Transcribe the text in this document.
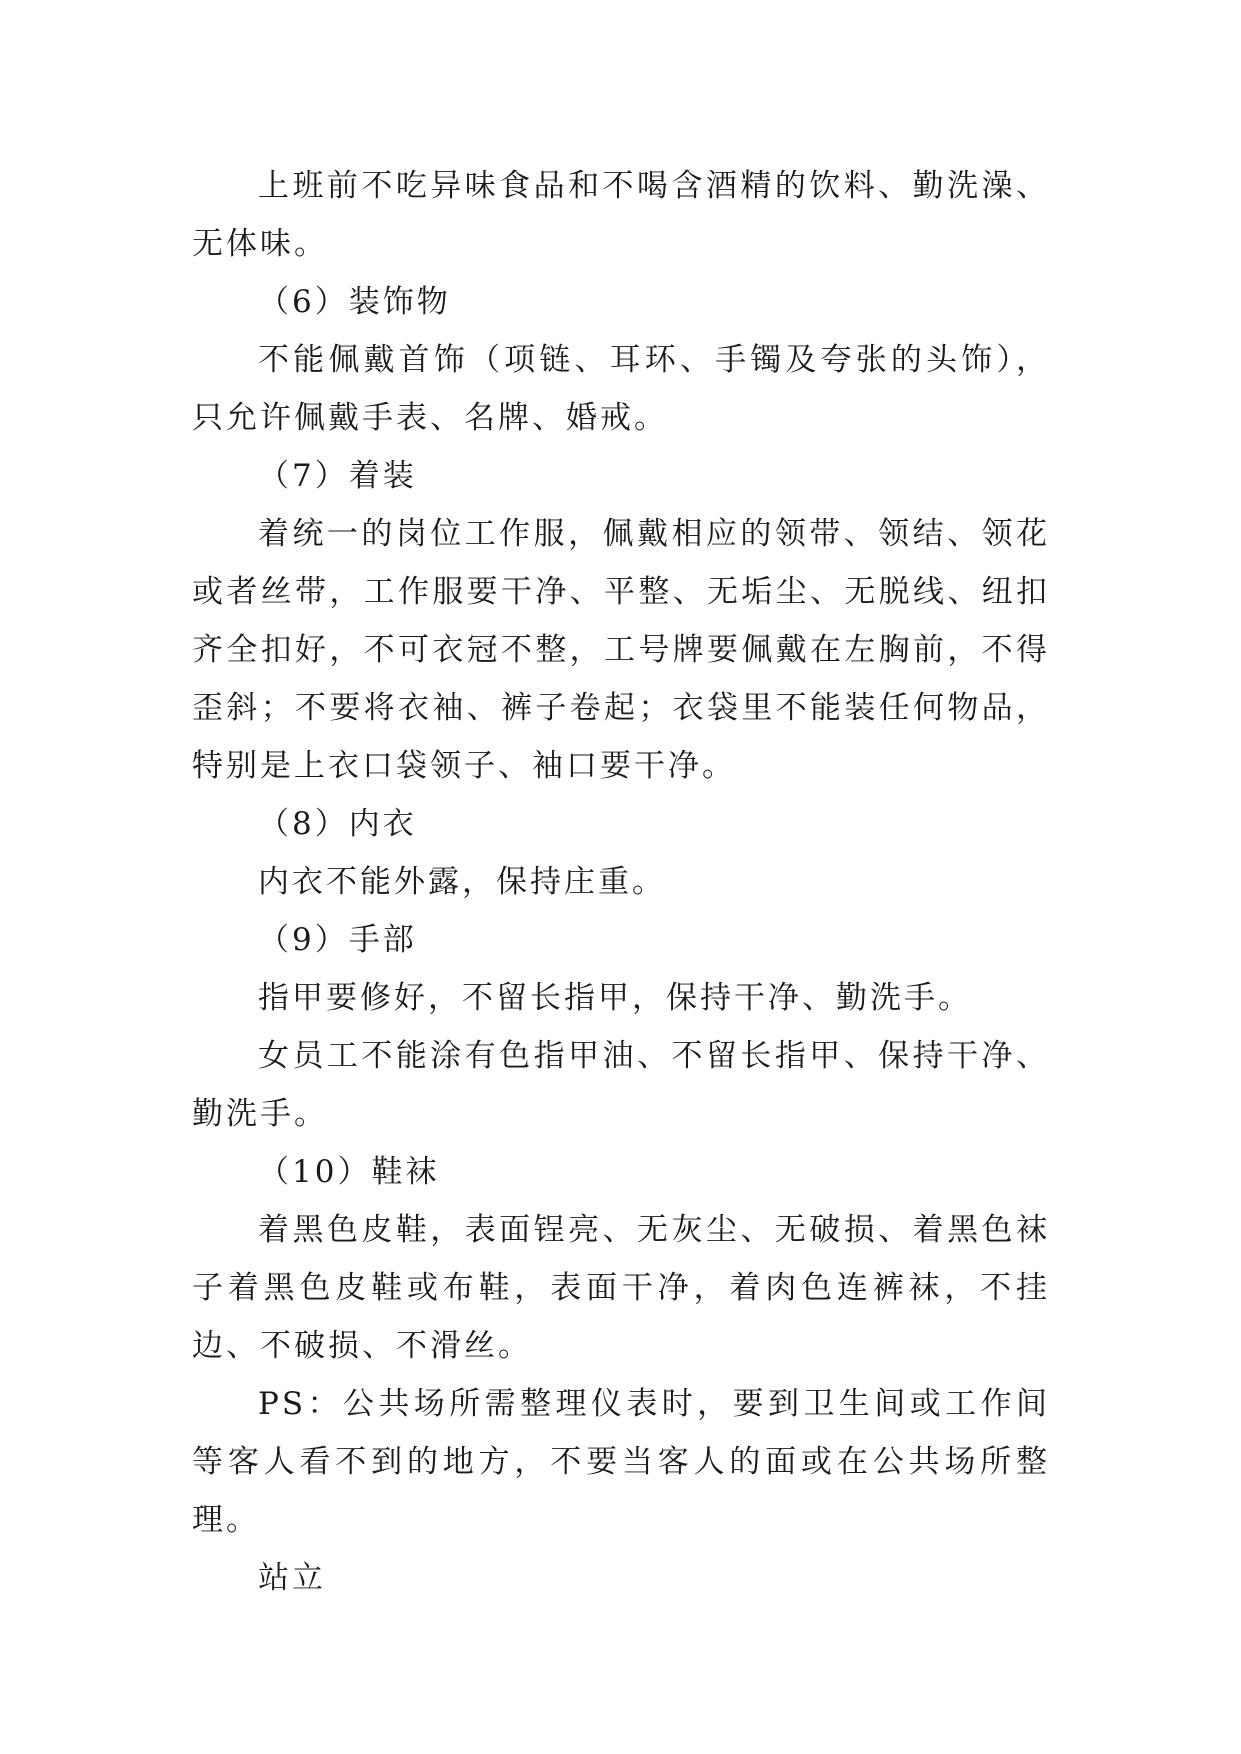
上班前不吃异味食品和不喝含酒精的饮料、勤洗澡、无体味。

（6）装饰物

不能佩戴首饰（项链、耳环、手镯及夸张的头饰），只允许佩戴手表、名牌、婚戒。

（7）着装

着统一的岗位工作服，佩戴相应的领带、领结、领花或者丝带，工作服要干净、平整、无垢尘、无脱线、纽扣齐全扣好，不可衣冠不整，工号牌要佩戴在左胸前，不得歪斜；不要将衣袖、裤子卷起；衣袋里不能装任何物品，特别是上衣口袋领子、袖口要干净。

（8）内衣

内衣不能外露，保持庄重。

（9）手部

指甲要修好，不留长指甲，保持干净、勤洗手。

女员工不能涂有色指甲油、不留长指甲、保持干净、勤洗手。

（10）鞋袜

着黑色皮鞋，表面锃亮、无灰尘、无破损、着黑色袜子着黑色皮鞋或布鞋，表面干净，着肉色连裤袜，不挂边、不破损、不滑丝。

PS：公共场所需整理仪表时，要到卫生间或工作间等客人看不到的地方，不要当客人的面或在公共场所整理。

站立
